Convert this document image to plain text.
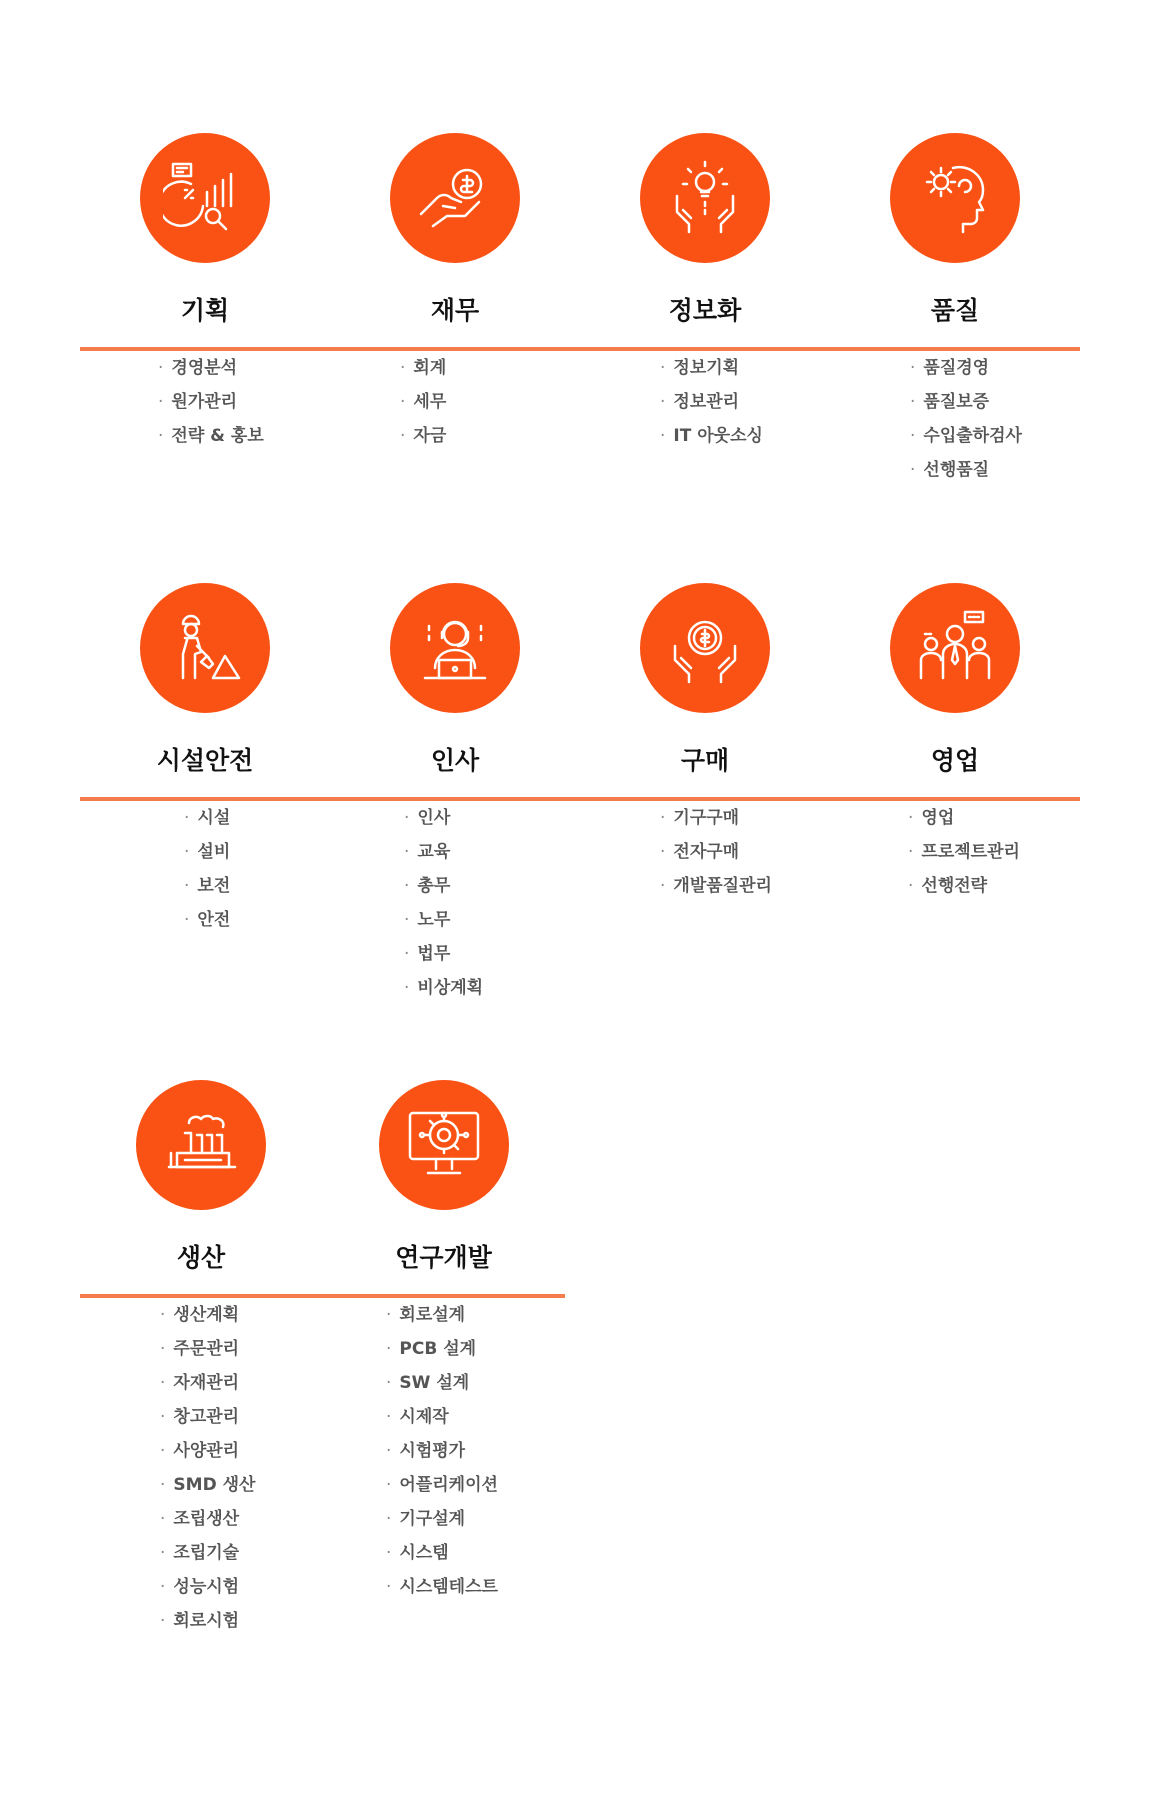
기획	재무	정보화	품질
· 경영분석
· 원가관리
· 전략 & 홍보
· 회계
· 세무
· 자금
· 정보기획
· 정보관리
· IT 아웃소싱
· 품질경영
· 품질보증
· 수입출하검사
· 선행품질
시설안전	인사	구매	영업
· 시설
· 설비
· 보전
· 안전
· 인사
· 교육
· 총무
· 노무
· 법무
· 비상계획
· 기구구매
· 전자구매
· 개발품질관리
· 영업
· 프로젝트관리
· 선행전략
생산	연구개발
· 생산계획
· 주문관리
· 자재관리
· 창고관리
· 사양관리
· SMD 생산
· 조립생산
· 조립기술
· 성능시험
· 회로시험
· 회로설계
· PCB 설계
· SW 설계
· 시제작
· 시험평가
· 어플리케이션
· 기구설계
· 시스템
· 시스템테스트
